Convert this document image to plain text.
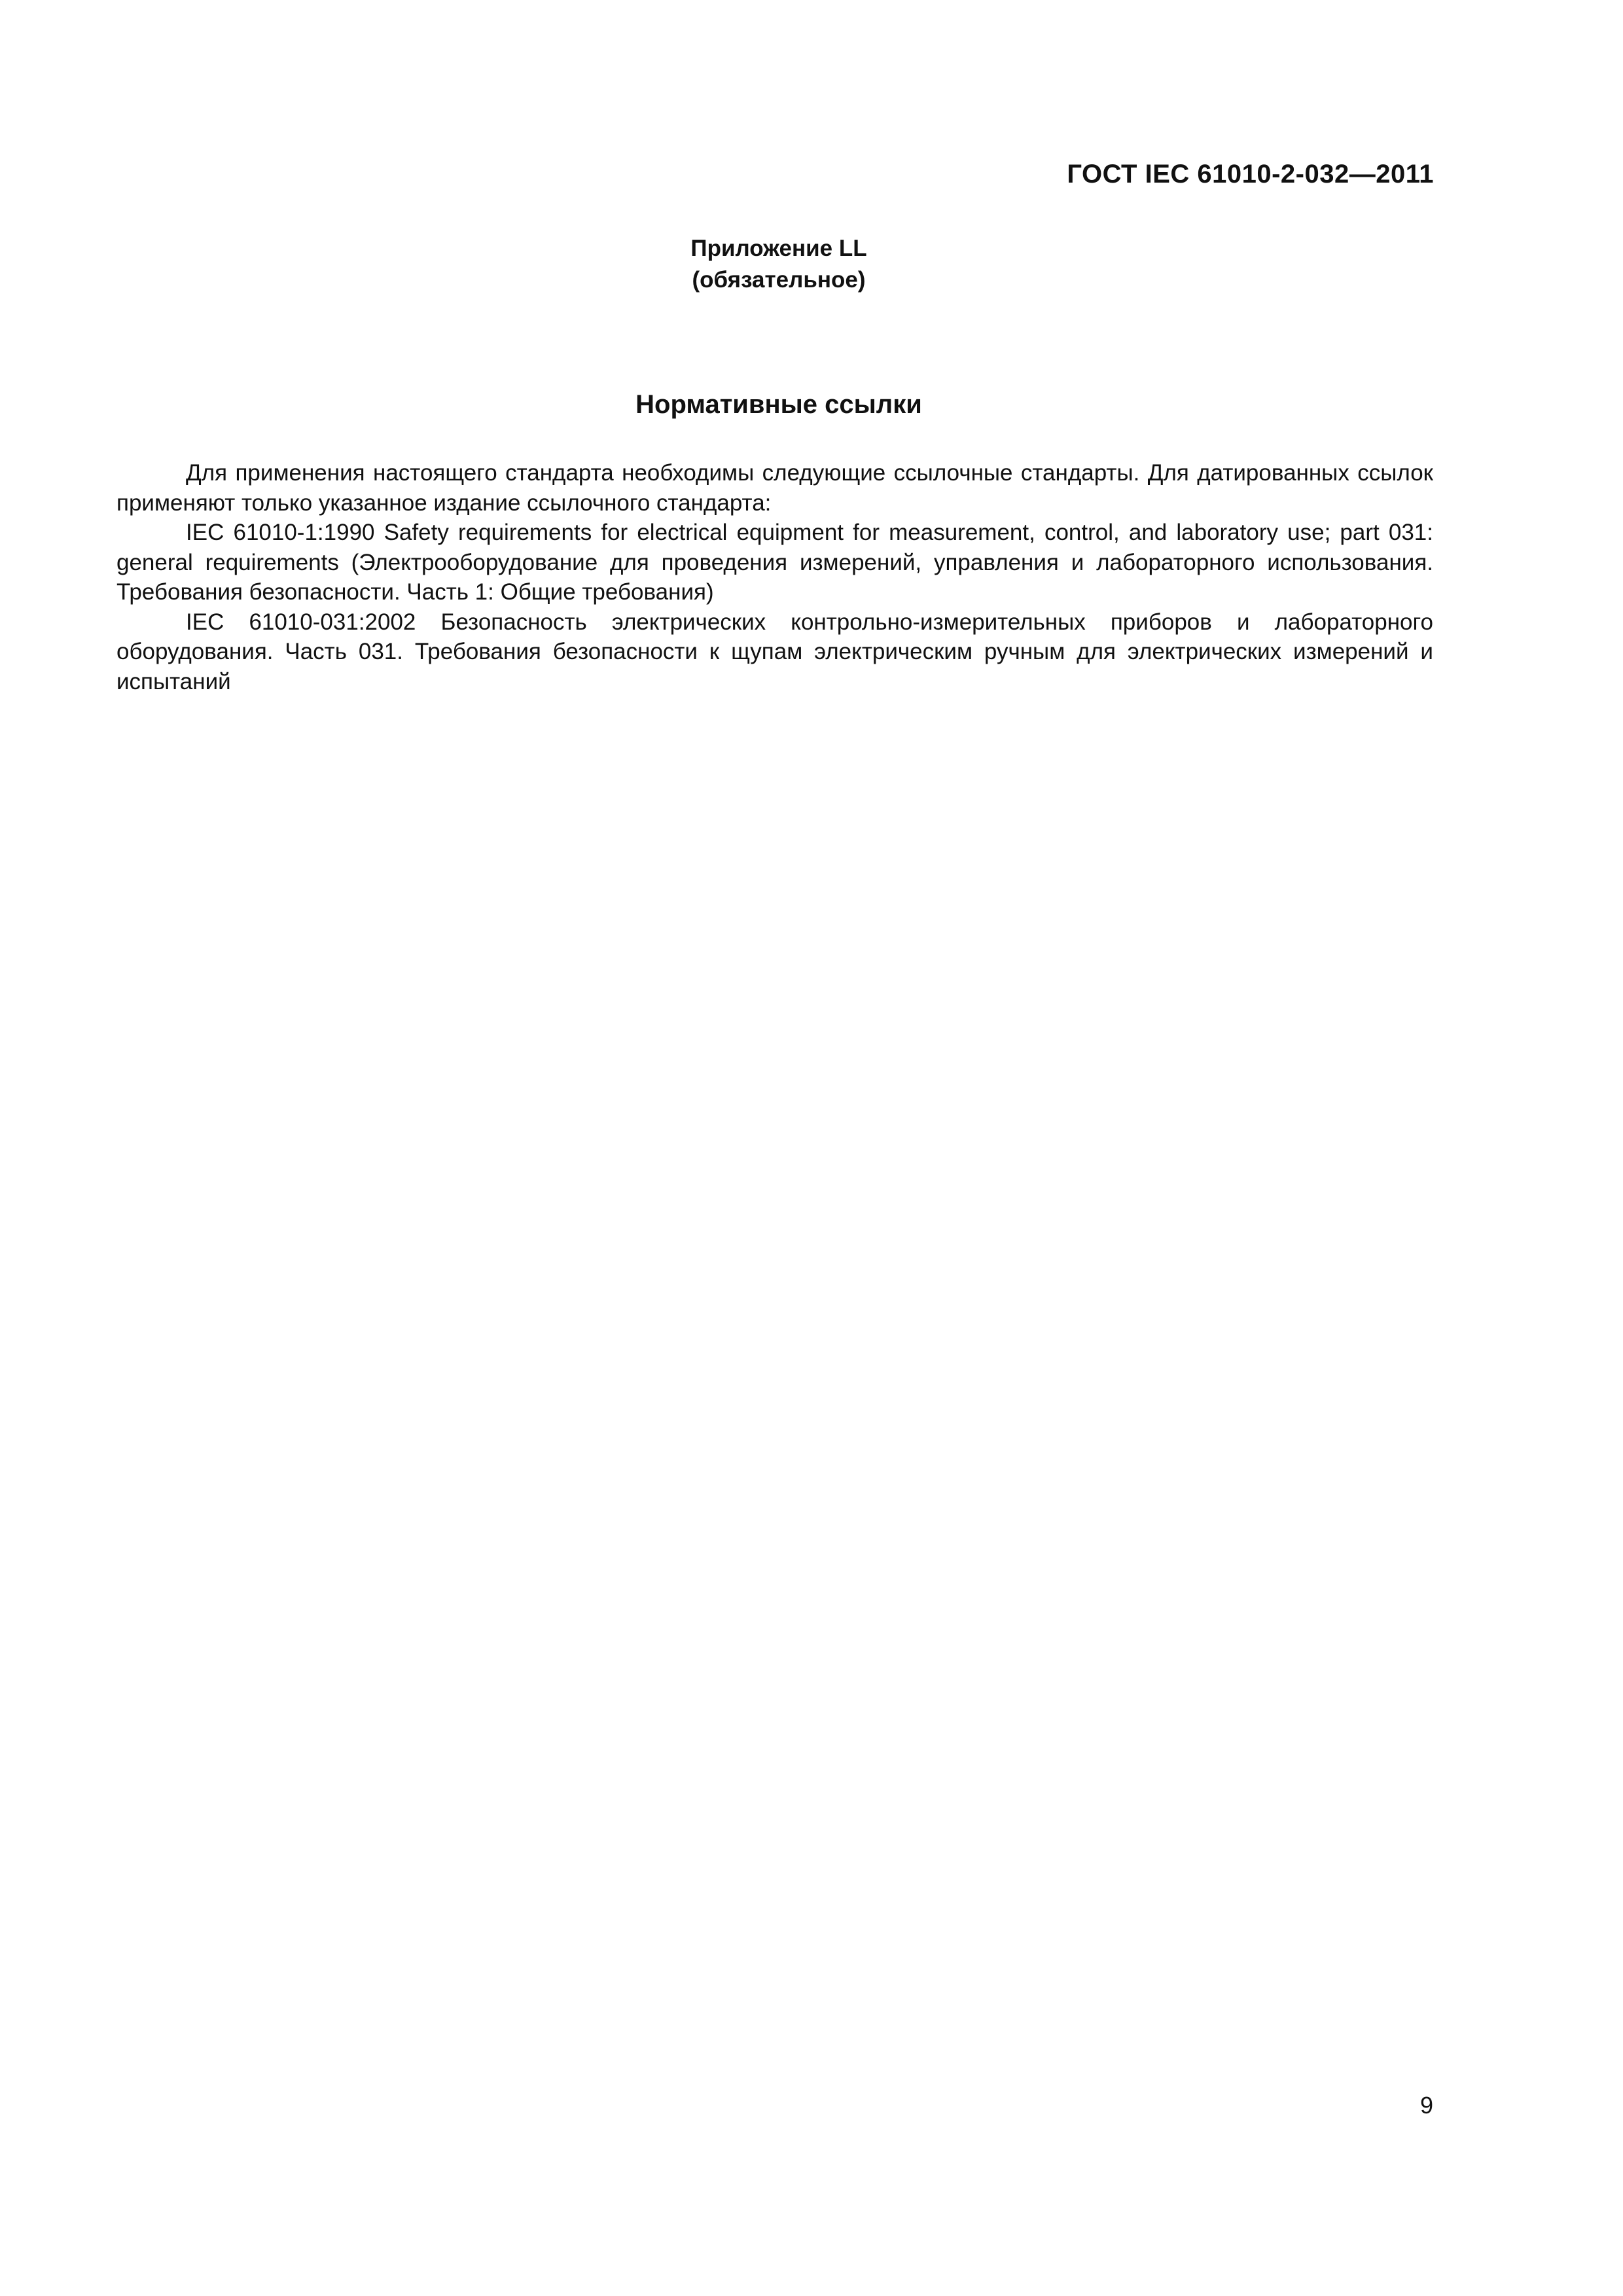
ГОСТ IEC 61010-2-032—2011
Приложение LL
(обязательное)
Нормативные ссылки

Для применения настоящего стандарта необходимы следующие ссылочные стандарты. Для датированных ссылок применяют только указанное издание ссылочного стандарта:

IEC 61010-1:1990 Safety requirements for electrical equipment for measurement, control, and laboratory use; part 031: general requirements (Электрооборудование для проведения измерений, управления и лабораторного использования. Требования безопасности. Часть 1: Общие требования)

IEC 61010-031:2002 Безопасность электрических контрольно-измерительных приборов и лабораторного оборудования. Часть 031. Требования безопасности к щупам электрическим ручным для электрических измерений и испытаний

9
